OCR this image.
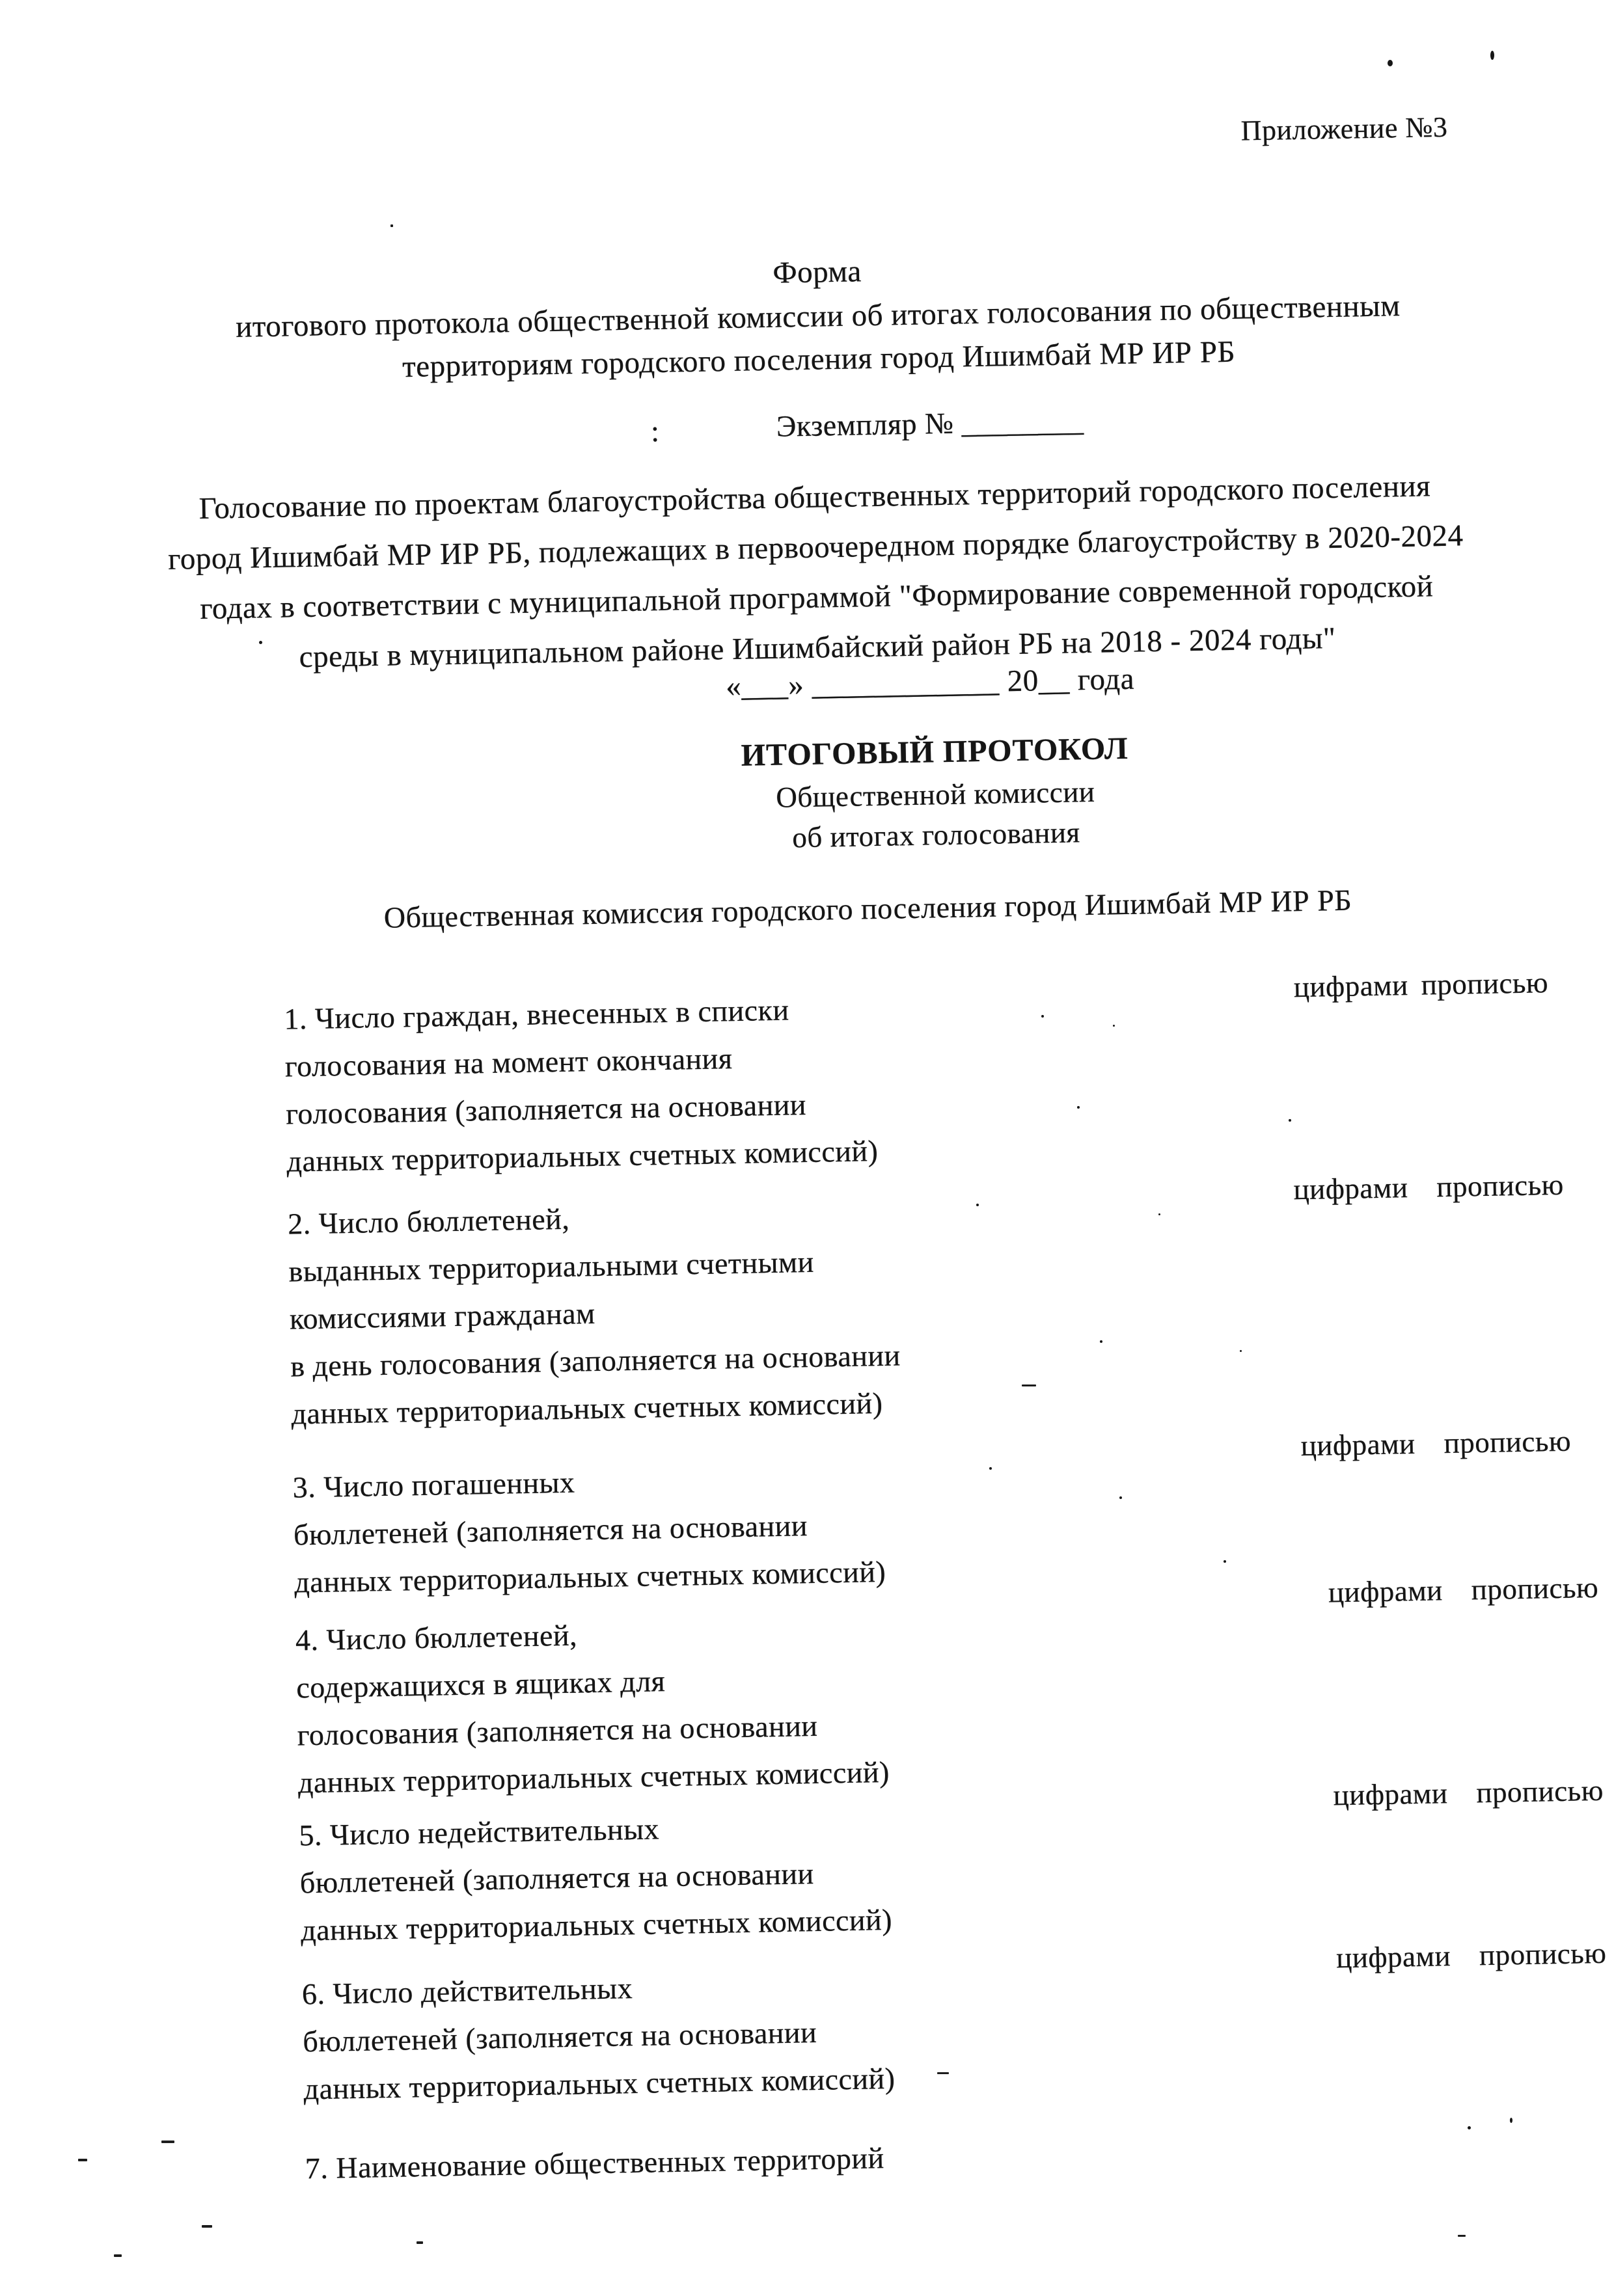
Приложение №3
Форма
итогового протокола общественной комиссии об итогах голосования по общественным
территориям городского поселения город Ишимбай МР ИР РБ
:	Экземпляр № ________
Голосование по проектам благоустройства общественных территорий городского поселения
город Ишимбай МР ИР РБ, подлежащих в первоочередном порядке благоустройству в 2020-2024
годах в соответствии с муниципальной программой "Формирование современной городской
среды в муниципальном районе Ишимбайский район РБ на 2018 - 2024 годы"
«___» ____________ 20__ года
ИТОГОВЫЙ ПРОТОКОЛ
Общественной комиссии
об итогах голосования
Общественная комиссия городского поселения город Ишимбай МР ИР РБ
1. Число граждан, внесенных в списки
голосования на момент окончания
голосования (заполняется на основании
данных территориальных счетных комиссий)
цифрами прописью
2. Число бюллетеней,
выданных территориальными счетными
комиссиями гражданам
в день голосования (заполняется на основании
данных территориальных счетных комиссий)
цифрами прописью
3. Число погашенных
бюллетеней (заполняется на основании
данных территориальных счетных комиссий)
цифрами прописью
4. Число бюллетеней,
содержащихся в ящиках для
голосования (заполняется на основании
данных территориальных счетных комиссий)
цифрами прописью
5. Число недействительных
бюллетеней (заполняется на основании
данных территориальных счетных комиссий)
цифрами прописью
6. Число действительных
бюллетеней (заполняется на основании
данных территориальных счетных комиссий)
цифрами прописью
7. Наименование общественных территорий
